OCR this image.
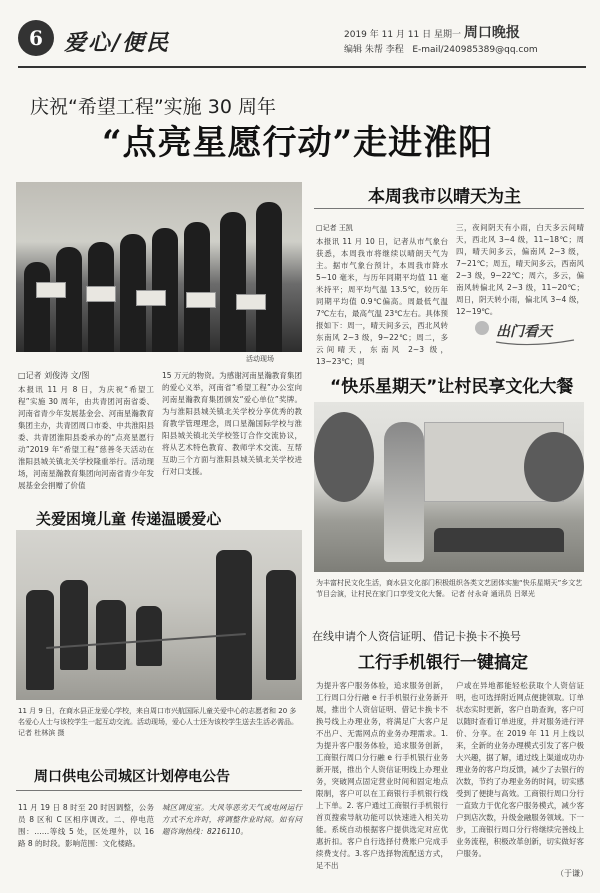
6 爱心/便民	2019 年 11 月 11 日 星期一 周口晚报
编辑 朱帮 李程 E-mail/240985389@qq.com
庆祝“希望工程”实施 30 周年
“点亮星愿行动”走进淮阳
活动现场
□记者 刘俊涛 文/图
本报讯 11 月 8 日，为庆祝“希望工程”实施 30 周年，由共青团河南省委、河南省青少年发展基金会、河南星瀚教育集团主办，共青团周口市委、中共淮阳县委、共青团淮阳县委承办的“点亮星愿行动”2019 年“希望工程”慈善冬天活动在淮阳县城关镇北关学校隆重举行。活动现场，河南星瀚教育集团向河南省青少年发展基金会捐赠了价值
15 万元的物资。为感谢河南星瀚教育集团的爱心义举，河南省“希望工程”办公室向河南星瀚教育集团颁发“爱心单位”奖牌。为与淮阳县城关镇北关学校分享优秀的教育教学管理理念，周口星瀚国际学校与淮阳县城关镇北关学校签订合作交流协议，将从艺术特色教育、教师学术交流、互帮互助三个方面与淮阳县城关镇北关学校进行对口支援。
本周我市以晴天为主
□记者 王凯
本报讯 11 月 10 日，记者从市气象台获悉，本周我市将继续以晴朗天气为主。据市气象台预计，本周我市降水 5~10 毫米，与历年同期平均值 11 毫米持平；周平均气温 13.5℃，较历年同期平均值 0.9℃偏高。周最低气温 7℃左右，最高气温 23℃左右。具体预报如下：周一，晴天间多云，西北风转东南风 2~3 级，9~22℃；周二，多云间晴天，东南风 2~3 级，13~23℃；周
三，夜间阴天有小雨，白天多云间晴天，西北风 3~4 级，11~18℃；周四，晴天间多云，偏南风 2~3 级，7~21℃；周五，晴天间多云，西南风 2~3 级，9~22℃；周六，多云，偏南风转偏北风 2~3 级，11~20℃；周日，阴天转小雨，偏北风 3~4 级，12~19℃。
出门看天
“快乐星期天”让村民享文化大餐
为丰富村民文化生活，商水县文化部门积极组织各类文艺团体实施“快乐星期天”乡文艺节目会演，让村民在家门口享受文化大餐。 记者 付永奇 通讯员 吕翠光
关爱困境儿童 传递温暖爱心
11 月 9 日，在商水县正龙爱心学校，来自周口市兴航国际儿童关爱中心的志愿者和 20 多名爱心人士与该校学生一起互动交流。活动现场，爱心人士还为该校学生送去生活必需品。 记者 杜林滨 摄
在线申请个人资信证明、借记卡换卡不换号
工行手机银行一键搞定
为提升客户服务体验，追求服务创新，工行周口分行融 e 行手机银行业务新开展，推出个人资信证明、借记卡换卡不换号线上办理业务，将满足广大客户足不出户、无需网点的业务办理需求。1.为提升客户服务体验，追求服务创新，工商银行周口分行融 e 行手机银行业务新开展，推出个人资信证明线上办理业务，突破网点固定营业时间和固定地点限制，客户可以在工商银行手机银行线上下单。2. 客户通过工商银行手机银行首页搜索导航功能可以快速进入相关功能。系统自动根据客户提供选定对应优惠折扣。客户自行选择付费账户完成手续费支付。3.客户选择物流配送方式，足不出
户或在异地都能轻松获取个人资信证明，也可选择附近网点便捷领取。订单状态实时更新，客户自助查询，客户可以随时查看订单进度，并对服务进行评价、分享。在 2019 年 11 月上线以来，全新的业务办理模式引发了客户极大兴趣，据了解，通过线上渠道成功办理业务的客户均反馈，减少了去银行的次数，节约了办理业务的时间，切实感受到了便捷与高效。工商银行周口分行一直致力于优化客户服务模式，减少客户到店次数，升级金融服务领域。下一步，工商银行周口分行将继续完善线上业务流程，积极改革创新，切实做好客户服务。
（于谦）
周口供电公司城区计划停电公告
11 月 19 日 8 时至 20 时因调整，公务员 8 区和 C 区相序调改。二、停电范围：……等线 5 处，区处理外，以 16 路 8 的时段。影响范围：文化楼路。
城区调度室。大风等恶劣天气或电网运行方式不允许时，将调整作业时间。如有问题咨询热线：8216110。
